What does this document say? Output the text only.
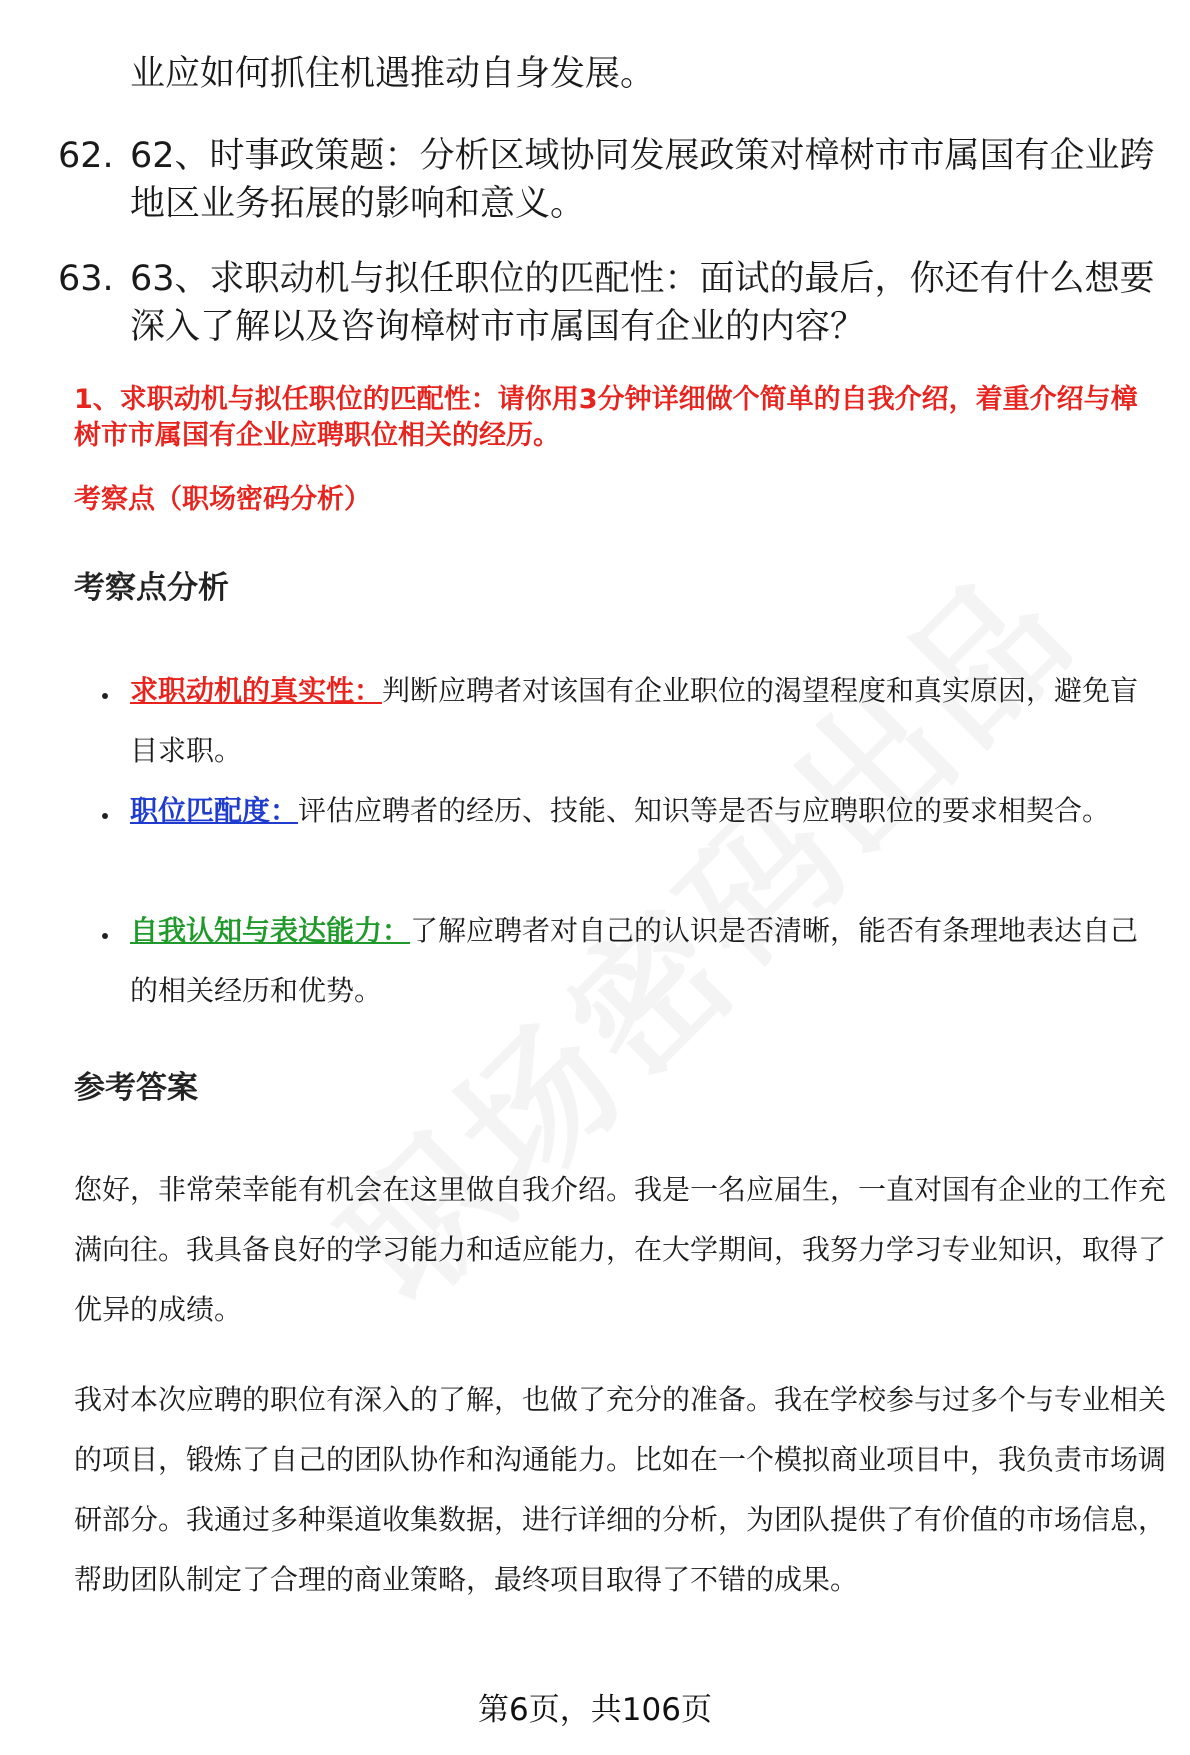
业应如何抓住机遇推动自身发展。
62. 62、时事政策题：分析区域协同发展政策对樟树市市属国有企业跨地区业务拓展的影响和意义。
63. 63、求职动机与拟任职位的匹配性：面试的最后，你还有什么想要深入了解以及咨询樟树市市属国有企业的内容？
1、求职动机与拟任职位的匹配性：请你用3分钟详细做个简单的自我介绍，着重介绍与樟树市市属国有企业应聘职位相关的经历。
考察点（职场密码分析）
考察点分析
求职动机的真实性：判断应聘者对该国有企业职位的渴望程度和真实原因，避免盲目求职。
职位匹配度：评估应聘者的经历、技能、知识等是否与应聘职位的要求相契合。
自我认知与表达能力：了解应聘者对自己的认识是否清晰，能否有条理地表达自己的相关经历和优势。
参考答案
您好，非常荣幸能有机会在这里做自我介绍。我是一名应届生，一直对国有企业的工作充满向往。我具备良好的学习能力和适应能力，在大学期间，我努力学习专业知识，取得了优异的成绩。
我对本次应聘的职位有深入的了解，也做了充分的准备。我在学校参与过多个与专业相关的项目，锻炼了自己的团队协作和沟通能力。比如在一个模拟商业项目中，我负责市场调研部分。我通过多种渠道收集数据，进行详细的分析，为团队提供了有价值的市场信息，帮助团队制定了合理的商业策略，最终项目取得了不错的成果。
第6页，共106页
